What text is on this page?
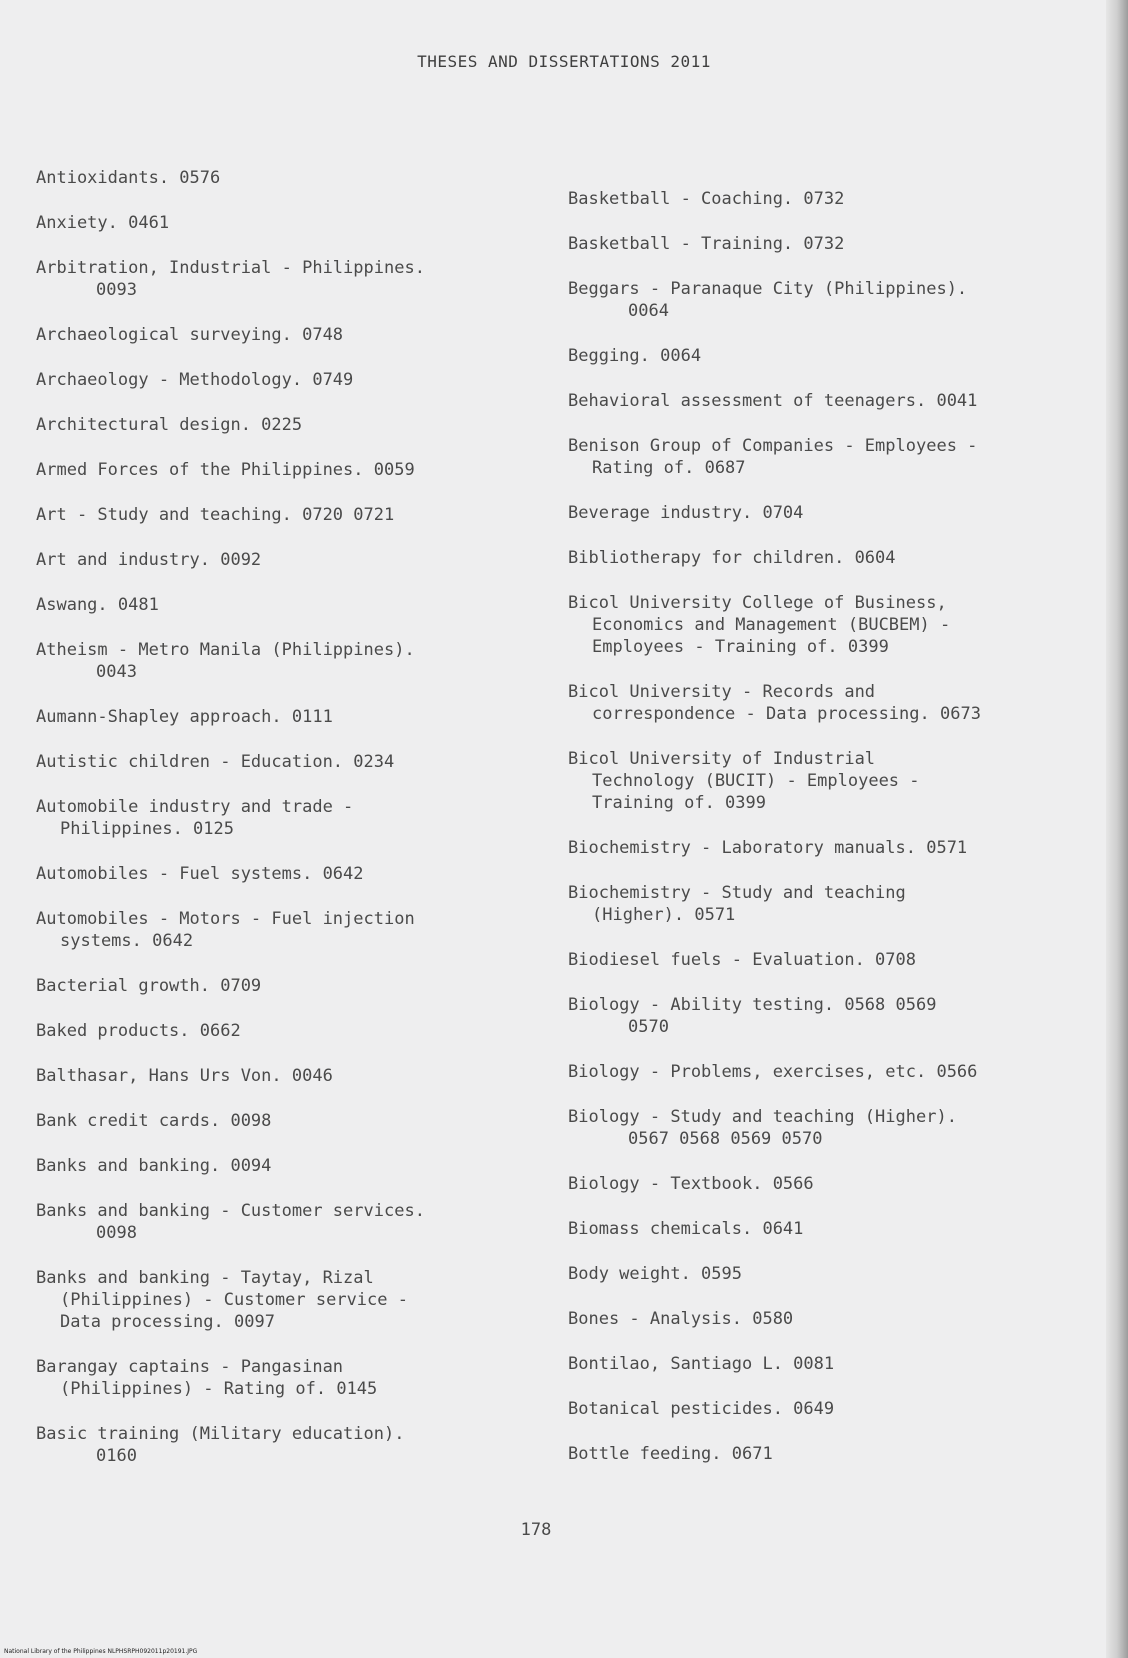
THESES AND DISSERTATIONS 2011
Antioxidants. 0576
Anxiety. 0461
Arbitration, Industrial - Philippines.
0093
Archaeological surveying. 0748
Archaeology - Methodology. 0749
Architectural design. 0225
Armed Forces of the Philippines. 0059
Art - Study and teaching. 0720 0721
Art and industry. 0092
Aswang. 0481
Atheism - Metro Manila (Philippines).
0043
Aumann-Shapley approach. 0111
Autistic children - Education. 0234
Automobile industry and trade -
Philippines. 0125
Automobiles - Fuel systems. 0642
Automobiles - Motors - Fuel injection
systems. 0642
Bacterial growth. 0709
Baked products. 0662
Balthasar, Hans Urs Von. 0046
Bank credit cards. 0098
Banks and banking. 0094
Banks and banking - Customer services.
0098
Banks and banking - Taytay, Rizal
(Philippines) - Customer service -
Data processing. 0097
Barangay captains - Pangasinan
(Philippines) - Rating of. 0145
Basic training (Military education).
0160
Basketball - Coaching. 0732
Basketball - Training. 0732
Beggars - Paranaque City (Philippines).
0064
Begging. 0064
Behavioral assessment of teenagers. 0041
Benison Group of Companies - Employees -
Rating of. 0687
Beverage industry. 0704
Bibliotherapy for children. 0604
Bicol University College of Business,
Economics and Management (BUCBEM) -
Employees - Training of. 0399
Bicol University - Records and
correspondence - Data processing. 0673
Bicol University of Industrial
Technology (BUCIT) - Employees -
Training of. 0399
Biochemistry - Laboratory manuals. 0571
Biochemistry - Study and teaching
(Higher). 0571
Biodiesel fuels - Evaluation. 0708
Biology - Ability testing. 0568 0569
0570
Biology - Problems, exercises, etc. 0566
Biology - Study and teaching (Higher).
0567 0568 0569 0570
Biology - Textbook. 0566
Biomass chemicals. 0641
Body weight. 0595
Bones - Analysis. 0580
Bontilao, Santiago L. 0081
Botanical pesticides. 0649
Bottle feeding. 0671
178
National Library of the Philippines NLPHSRPH092011p20191.JPG
